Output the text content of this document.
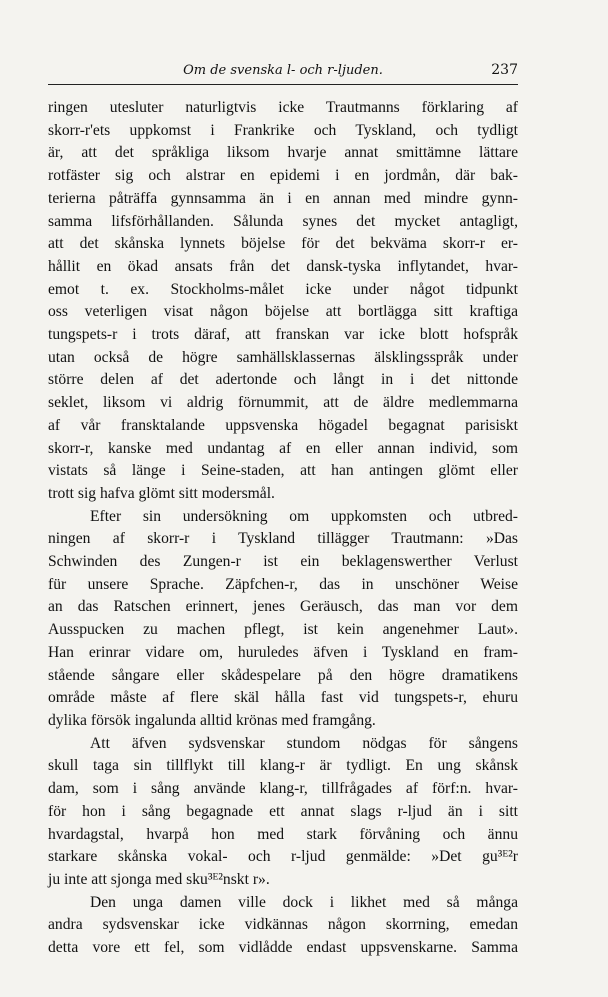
Om de svenska l- och r-ljuden.	237
ringen utesluter naturligtvis icke Trautmanns förklaring af
skorr-r'ets uppkomst i Frankrike och Tyskland, och tydligt
är, att det språkliga liksom hvarje annat smittämne lättare
rotfäster sig och alstrar en epidemi i en jordmån, där bak-
terierna påträffa gynnsamma än i en annan med mindre gynn-
samma lifsförhållanden. Sålunda synes det mycket antagligt,
att det skånska lynnets böjelse för det bekväma skorr-r er-
hållit en ökad ansats från det dansk-tyska inflytandet, hvar-
emot t. ex. Stockholms-målet icke under något tidpunkt
oss veterligen visat någon böjelse att bortlägga sitt kraftiga
tungspets-r i trots däraf, att franskan var icke blott hofspråk
utan också de högre samhällsklassernas älsklingsspråk under
större delen af det adertonde och långt in i det nittonde
seklet, liksom vi aldrig förnummit, att de äldre medlemmarna
af vår fransktalande uppsvenska högadel begagnat parisiskt
skorr-r, kanske med undantag af en eller annan individ, som
vistats så länge i Seine-staden, att han antingen glömt eller
trott sig hafva glömt sitt modersmål.
Efter sin undersökning om uppkomsten och utbred-
ningen af skorr-r i Tyskland tillägger Trautmann: »Das
Schwinden des Zungen-r ist ein beklagenswerther Verlust
für unsere Sprache. Zäpfchen-r, das in unschöner Weise
an das Ratschen erinnert, jenes Geräusch, das man vor dem
Ausspucken zu machen pflegt, ist kein angenehmer Laut».
Han erinrar vidare om, huruledes äfven i Tyskland en fram-
stående sångare eller skådespelare på den högre dramatikens
område måste af flere skäl hålla fast vid tungspets-r, ehuru
dylika försök ingalunda alltid krönas med framgång.
Att äfven sydsvenskar stundom nödgas för sångens
skull taga sin tillflykt till klang-r är tydligt. En ung skånsk
dam, som i sång använde klang-r, tillfrågades af förf:n. hvar-
för hon i sång begagnade ett annat slags r-ljud än i sitt
hvardagstal, hvarpå hon med stark förvåning och ännu
starkare skånska vokal- och r-ljud genmälde: »Det gu³ᴱ²r
ju inte att sjonga med sku³ᴱ²nskt r».
Den unga damen ville dock i likhet med så många
andra sydsvenskar icke vidkännas någon skorrning, emedan
detta vore ett fel, som vidlådde endast uppsvenskarne. Samma
